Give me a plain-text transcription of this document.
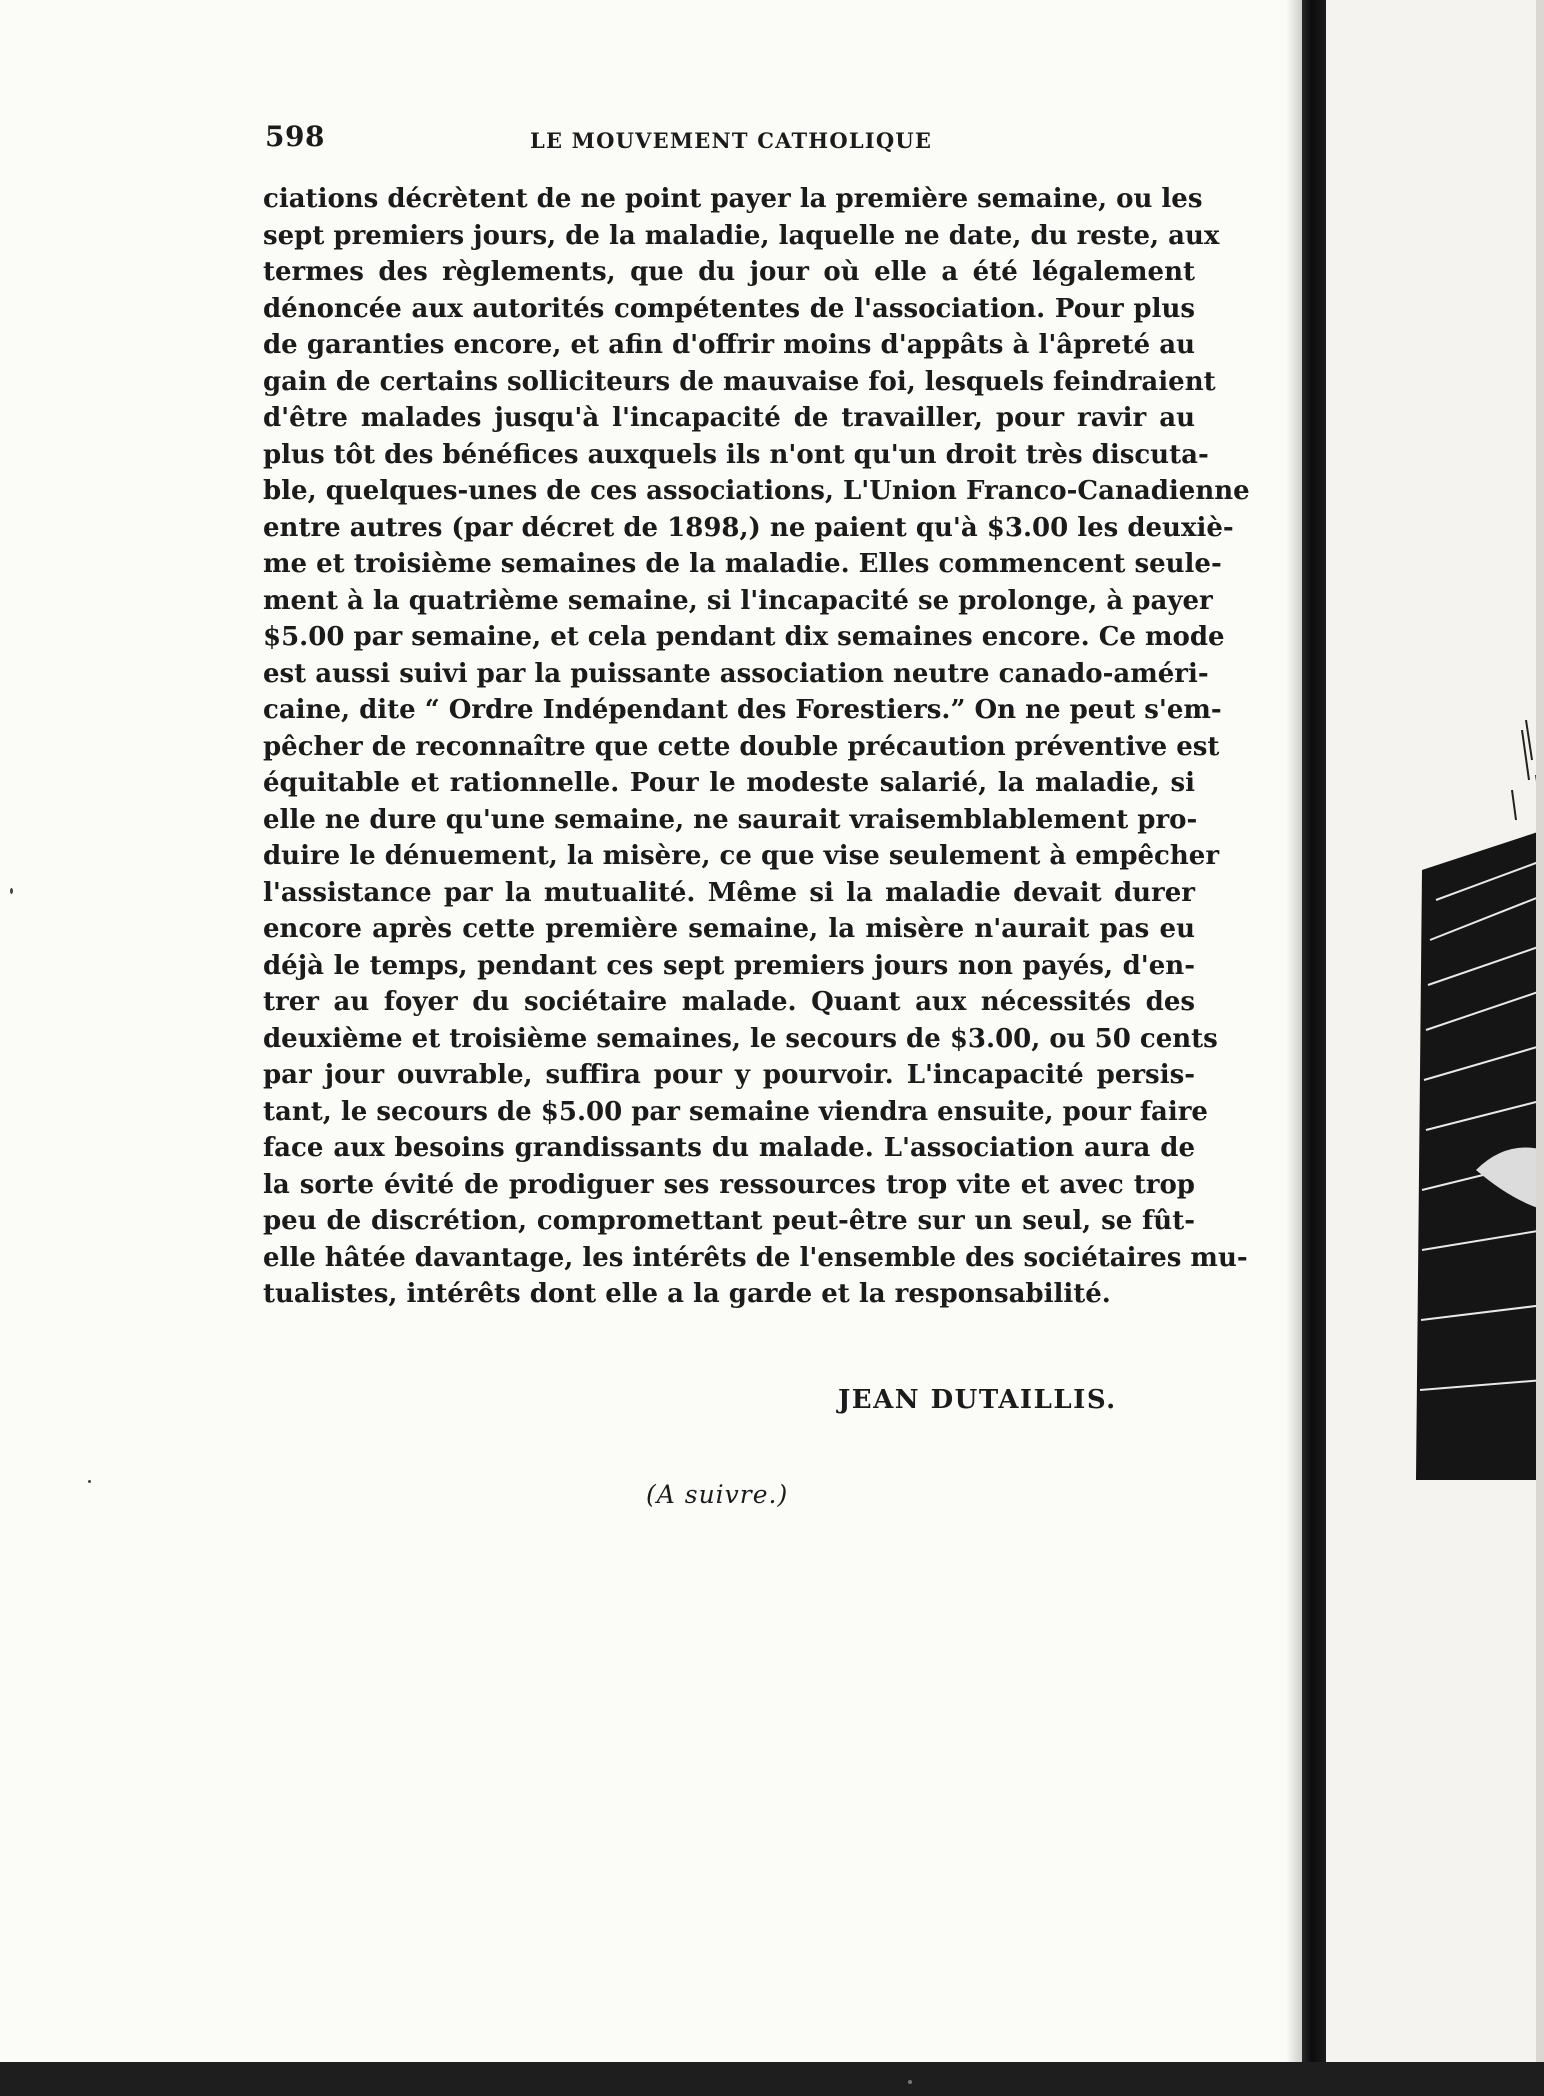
598	LE MOUVEMENT CATHOLIQUE
ciations décrètent de ne point payer la première semaine, ou les
sept premiers jours, de la maladie, laquelle ne date, du reste, aux
termes des règlements, que du jour où elle a été légalement
dénoncée aux autorités compétentes de l'association. Pour plus
de garanties encore, et afin d'offrir moins d'appâts à l'âpreté au
gain de certains solliciteurs de mauvaise foi, lesquels feindraient
d'être malades jusqu'à l'incapacité de travailler, pour ravir au
plus tôt des bénéfices auxquels ils n'ont qu'un droit très discuta-
ble, quelques-unes de ces associations, L'Union Franco-Canadienne
entre autres (par décret de 1898,) ne paient qu'à $3.00 les deuxiè-
me et troisième semaines de la maladie. Elles commencent seule-
ment à la quatrième semaine, si l'incapacité se prolonge, à payer
$5.00 par semaine, et cela pendant dix semaines encore. Ce mode
est aussi suivi par la puissante association neutre canado-améri-
caine, dite “ Ordre Indépendant des Forestiers.” On ne peut s'em-
pêcher de reconnaître que cette double précaution préventive est
équitable et rationnelle. Pour le modeste salarié, la maladie, si
elle ne dure qu'une semaine, ne saurait vraisemblablement pro-
duire le dénuement, la misère, ce que vise seulement à empêcher
l'assistance par la mutualité. Même si la maladie devait durer
encore après cette première semaine, la misère n'aurait pas eu
déjà le temps, pendant ces sept premiers jours non payés, d'en-
trer au foyer du sociétaire malade. Quant aux nécessités des
deuxième et troisième semaines, le secours de $3.00, ou 50 cents
par jour ouvrable, suffira pour y pourvoir. L'incapacité persis-
tant, le secours de $5.00 par semaine viendra ensuite, pour faire
face aux besoins grandissants du malade. L'association aura de
la sorte évité de prodiguer ses ressources trop vite et avec trop
peu de discrétion, compromettant peut-être sur un seul, se fût-
elle hâtée davantage, les intérêts de l'ensemble des sociétaires mu-
tualistes, intérêts dont elle a la garde et la responsabilité.
JEAN DUTAILLIS.
(A suivre.)
